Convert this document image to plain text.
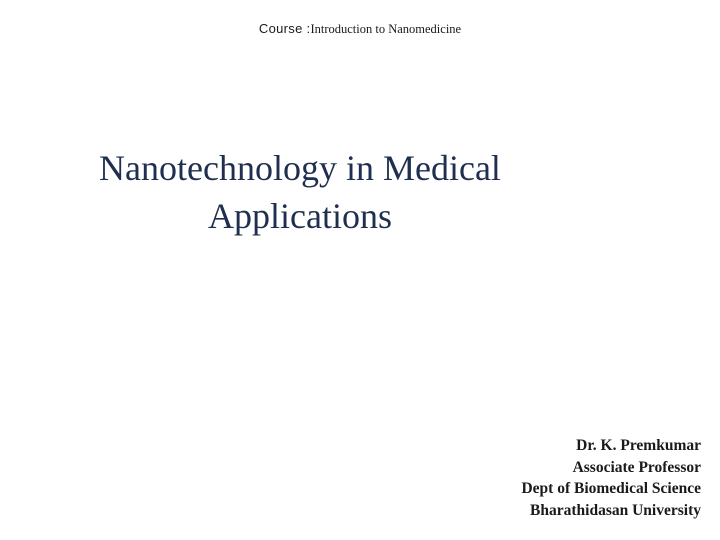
Course :Introduction to Nanomedicine
Nanotechnology in Medical
Applications
Dr. K. Premkumar
Associate Professor
Dept of Biomedical Science
Bharathidasan University
